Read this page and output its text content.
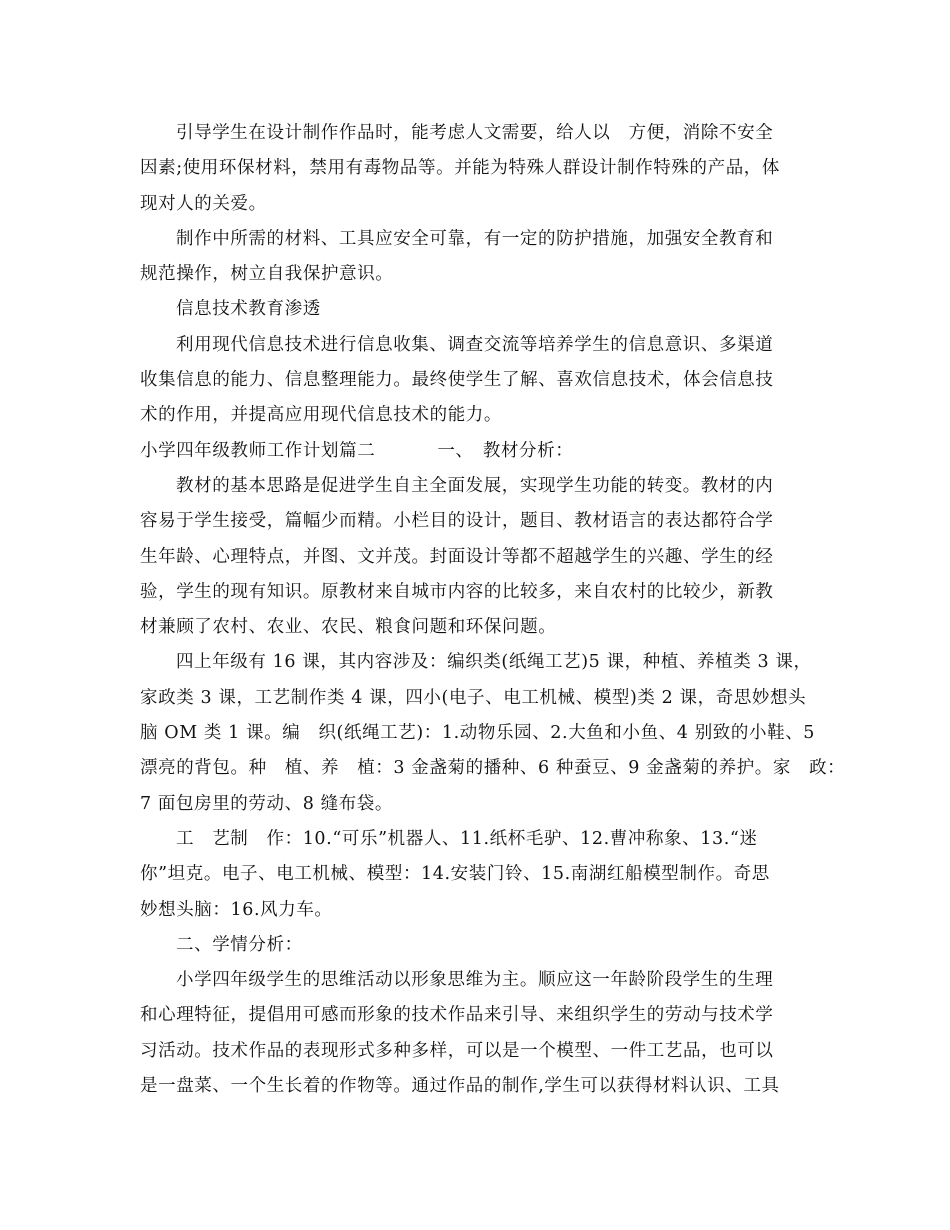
引导学生在设计制作作品时，能考虑人文需要，给人以　方便，消除不安全
因素;使用环保材料，禁用有毒物品等。并能为特殊人群设计制作特殊的产品，体
现对人的关爱。
制作中所需的材料、工具应安全可靠，有一定的防护措施，加强安全教育和
规范操作，树立自我保护意识。
信息技术教育渗透
利用现代信息技术进行信息收集、调查交流等培养学生的信息意识、多渠道
收集信息的能力、信息整理能力。最终使学生了解、喜欢信息技术，体会信息技
术的作用，并提高应用现代信息技术的能力。
小学四年级教师工作计划篇二	一、　教材分析：
教材的基本思路是促进学生自主全面发展，实现学生功能的转变。教材的内
容易于学生接受，篇幅少而精。小栏目的设计，题目、教材语言的表达都符合学
生年龄、心理特点，并图、文并茂。封面设计等都不超越学生的兴趣、学生的经
验，学生的现有知识。原教材来自城市内容的比较多，来自农村的比较少，新教
材兼顾了农村、农业、农民、粮食问题和环保问题。
四上年级有 16 课，其内容涉及：编织类(纸绳工艺)5 课，种植、养植类 3 课，
家政类 3 课，工艺制作类 4 课，四小(电子、电工机械、模型)类 2 课，奇思妙想头
脑 OM 类 1 课。编　织(纸绳工艺)：1.动物乐园、2.大鱼和小鱼、4 别致的小鞋、5
漂亮的背包。种　植、养　植：3 金盏菊的播种、6 种蚕豆、9 金盏菊的养护。家　政：
7 面包房里的劳动、8 缝布袋。
工　艺制　作：10.“可乐”机器人、11.纸杯毛驴、12.曹冲称象、13.“迷
你”坦克。电子、电工机械、模型：14.安装门铃、15.南湖红船模型制作。奇思
妙想头脑：16.风力车。
二、学情分析：
小学四年级学生的思维活动以形象思维为主。顺应这一年龄阶段学生的生理
和心理特征，提倡用可感而形象的技术作品来引导、来组织学生的劳动与技术学
习活动。技术作品的表现形式多种多样，可以是一个模型、一件工艺品，也可以
是一盘菜、一个生长着的作物等。通过作品的制作,学生可以获得材料认识、工具
